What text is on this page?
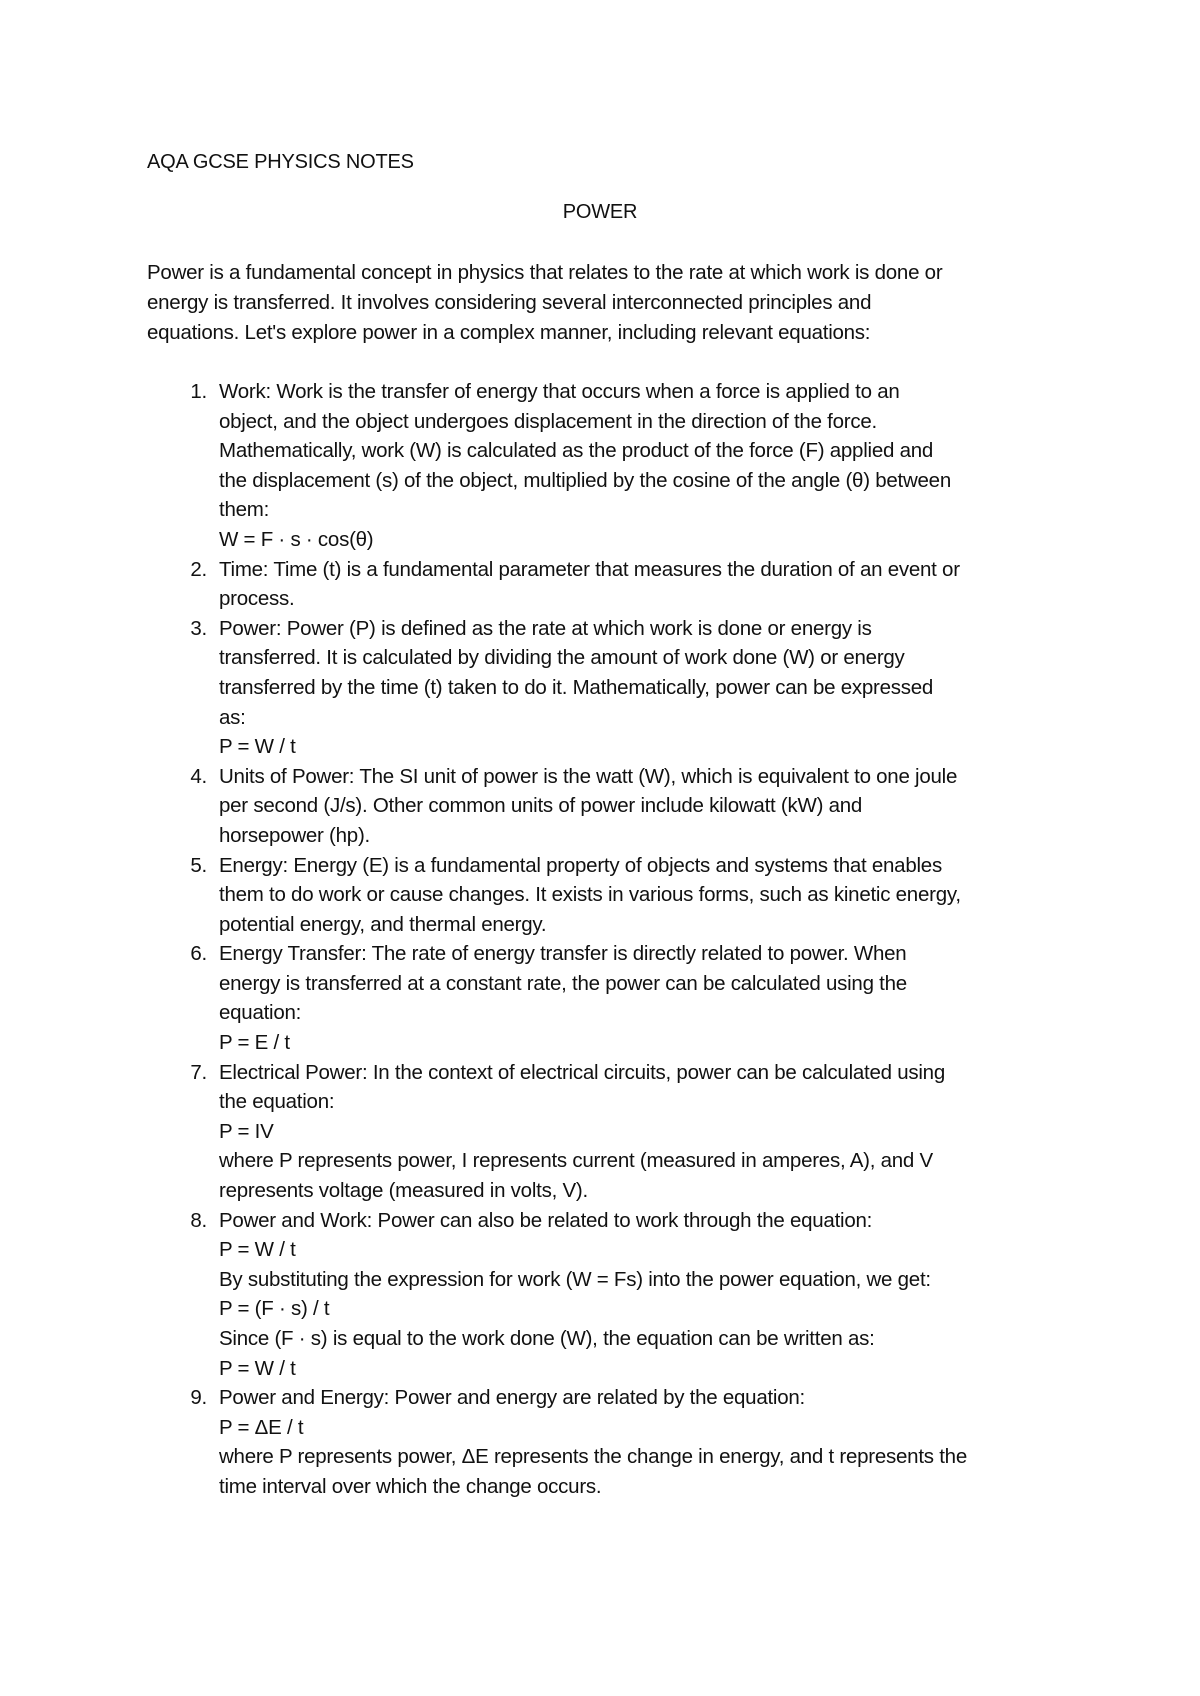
AQA GCSE PHYSICS NOTES
POWER

Power is a fundamental concept in physics that relates to the rate at which work is done or
energy is transferred. It involves considering several interconnected principles and
equations. Let's explore power in a complex manner, including relevant equations:

1. Work: Work is the transfer of energy that occurs when a force is applied to an
object, and the object undergoes displacement in the direction of the force.
Mathematically, work (W) is calculated as the product of the force (F) applied and
the displacement (s) of the object, multiplied by the cosine of the angle (θ) between
them:
W = F · s · cos(θ)
2. Time: Time (t) is a fundamental parameter that measures the duration of an event or
process.
3. Power: Power (P) is defined as the rate at which work is done or energy is
transferred. It is calculated by dividing the amount of work done (W) or energy
transferred by the time (t) taken to do it. Mathematically, power can be expressed
as:
P = W / t
4. Units of Power: The SI unit of power is the watt (W), which is equivalent to one joule
per second (J/s). Other common units of power include kilowatt (kW) and
horsepower (hp).
5. Energy: Energy (E) is a fundamental property of objects and systems that enables
them to do work or cause changes. It exists in various forms, such as kinetic energy,
potential energy, and thermal energy.
6. Energy Transfer: The rate of energy transfer is directly related to power. When
energy is transferred at a constant rate, the power can be calculated using the
equation:
P = E / t
7. Electrical Power: In the context of electrical circuits, power can be calculated using
the equation:
P = IV
where P represents power, I represents current (measured in amperes, A), and V
represents voltage (measured in volts, V).
8. Power and Work: Power can also be related to work through the equation:
P = W / t
By substituting the expression for work (W = Fs) into the power equation, we get:
P = (F · s) / t
Since (F · s) is equal to the work done (W), the equation can be written as:
P = W / t
9. Power and Energy: Power and energy are related by the equation:
P = ΔE / t
where P represents power, ΔE represents the change in energy, and t represents the
time interval over which the change occurs.
